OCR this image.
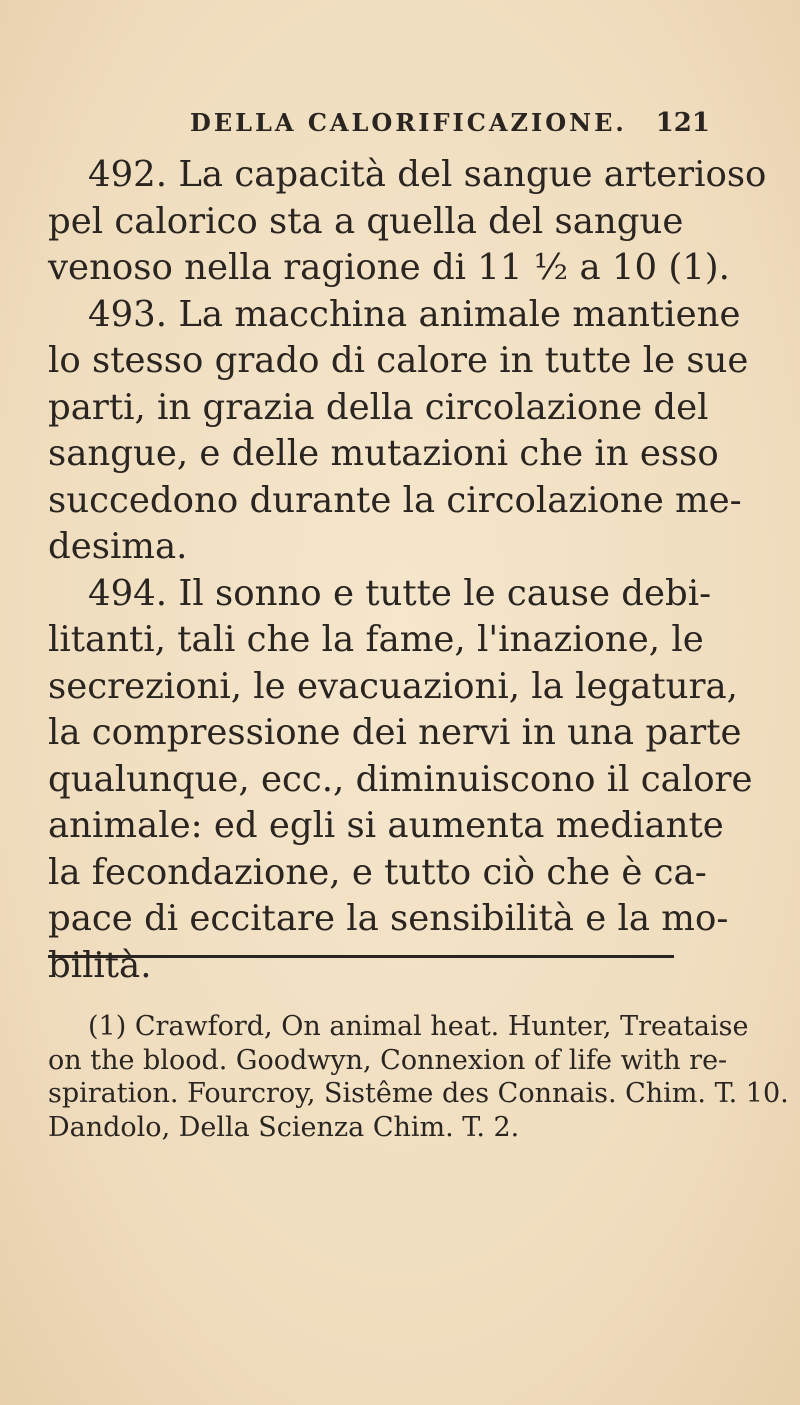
DELLA CALORIFICAZIONE. 121
492. La capacità del sangue arterioso
pel calorico sta a quella del sangue
venoso nella ragione di 11 ½ a 10 (1).
493. La macchina animale mantiene
lo stesso grado di calore in tutte le sue
parti, in grazia della circolazione del
sangue, e delle mutazioni che in esso
succedono durante la circolazione me-
desima.
494. Il sonno e tutte le cause debi-
litanti, tali che la fame, l'inazione, le
secrezioni, le evacuazioni, la legatura,
la compressione dei nervi in una parte
qualunque, ecc., diminuiscono il calore
animale: ed egli si aumenta mediante
la fecondazione, e tutto ciò che è ca-
pace di eccitare la sensibilità e la mo-
bilità.
(1) Crawford, On animal heat. Hunter, Treataise
on the blood. Goodwyn, Connexion of life with re-
spiration. Fourcroy, Sistême des Connais. Chim. T. 10.
Dandolo, Della Scienza Chim. T. 2.
